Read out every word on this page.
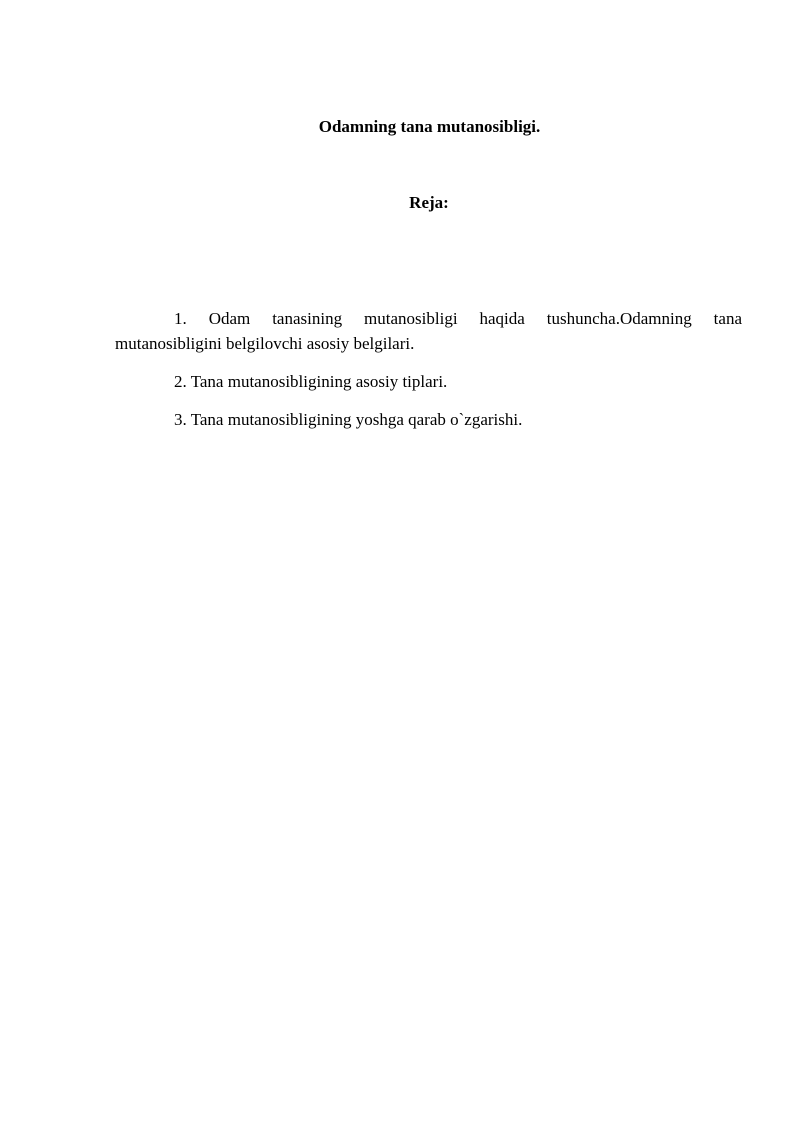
Odamning tana mutanosibligi.
Reja:

1. Odam tanasining mutanosibligi haqida tushuncha.Odamning tana mutanosibligini belgilovchi asosiy belgilari.

2. Tana mutanosibligining asosiy tiplari.

3. Tana mutanosibligining yoshga qarab o`zgarishi.
